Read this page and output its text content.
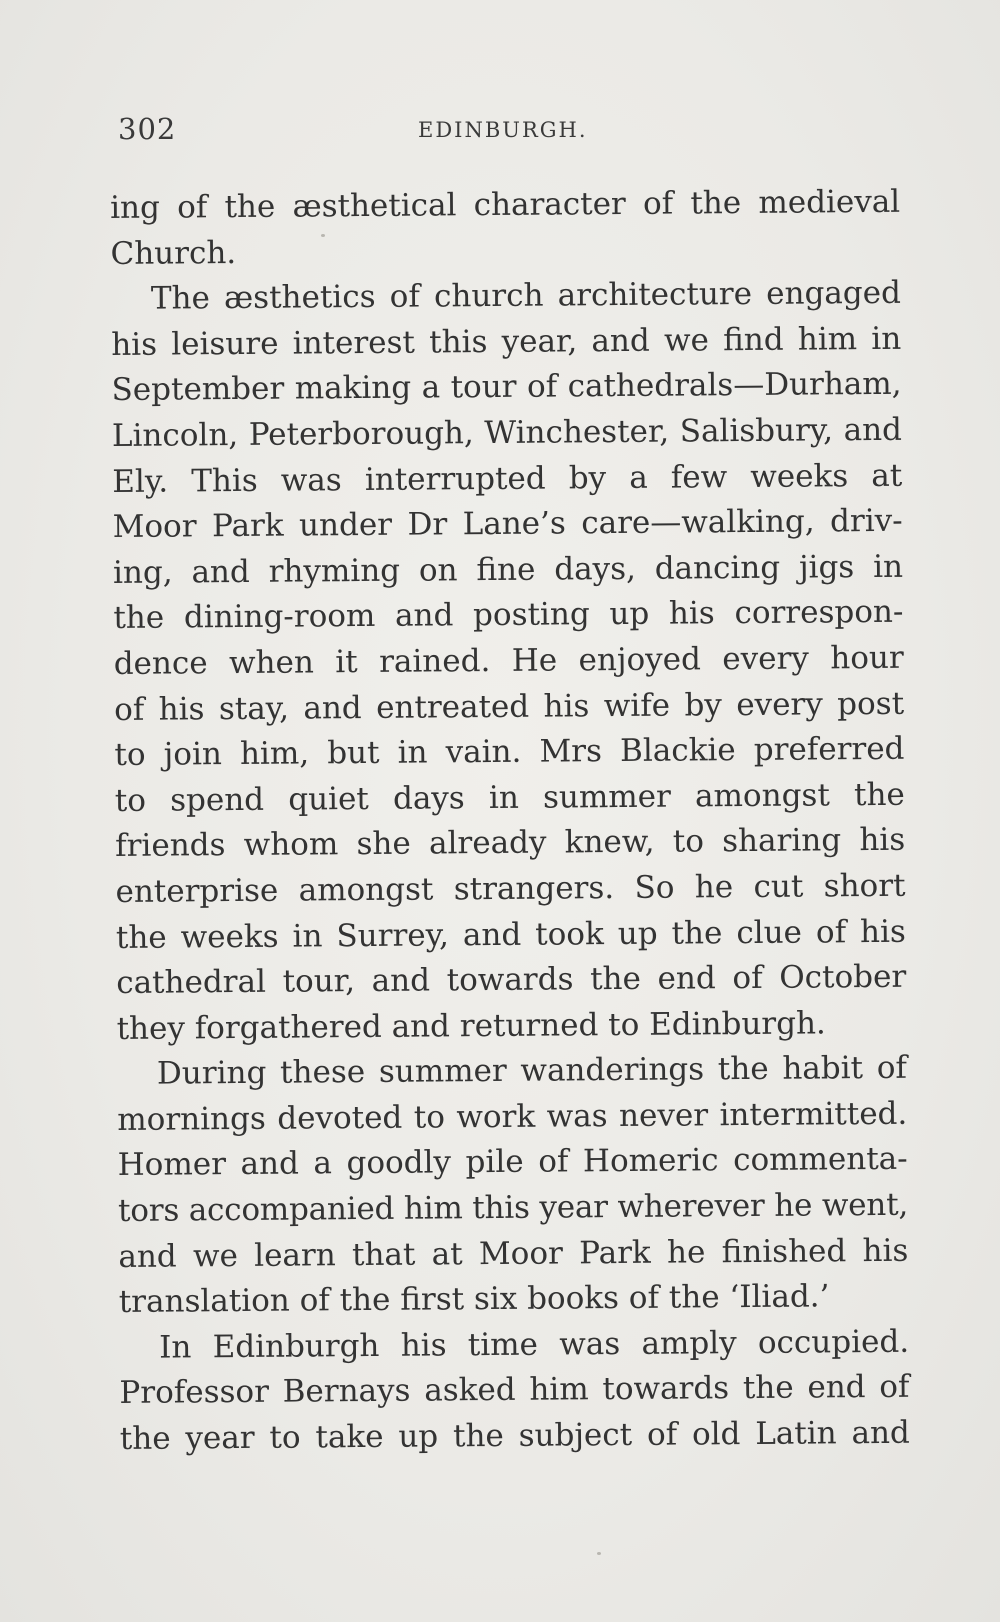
302	EDINBURGH.

ing of the æsthetical character of the medieval
Church.

The æsthetics of church architecture engaged
his leisure interest this year, and we find him in
September making a tour of cathedrals—Durham,
Lincoln, Peterborough, Winchester, Salisbury, and
Ely. This was interrupted by a few weeks at
Moor Park under Dr Lane’s care—walking, driv-
ing, and rhyming on fine days, dancing jigs in
the dining-room and posting up his correspon-
dence when it rained. He enjoyed every hour
of his stay, and entreated his wife by every post
to join him, but in vain. Mrs Blackie preferred
to spend quiet days in summer amongst the
friends whom she already knew, to sharing his
enterprise amongst strangers. So he cut short
the weeks in Surrey, and took up the clue of his
cathedral tour, and towards the end of October
they forgathered and returned to Edinburgh.

During these summer wanderings the habit of
mornings devoted to work was never intermitted.
Homer and a goodly pile of Homeric commenta-
tors accompanied him this year wherever he went,
and we learn that at Moor Park he finished his
translation of the first six books of the ‘Iliad.’

In Edinburgh his time was amply occupied.
Professor Bernays asked him towards the end of
the year to take up the subject of old Latin and
